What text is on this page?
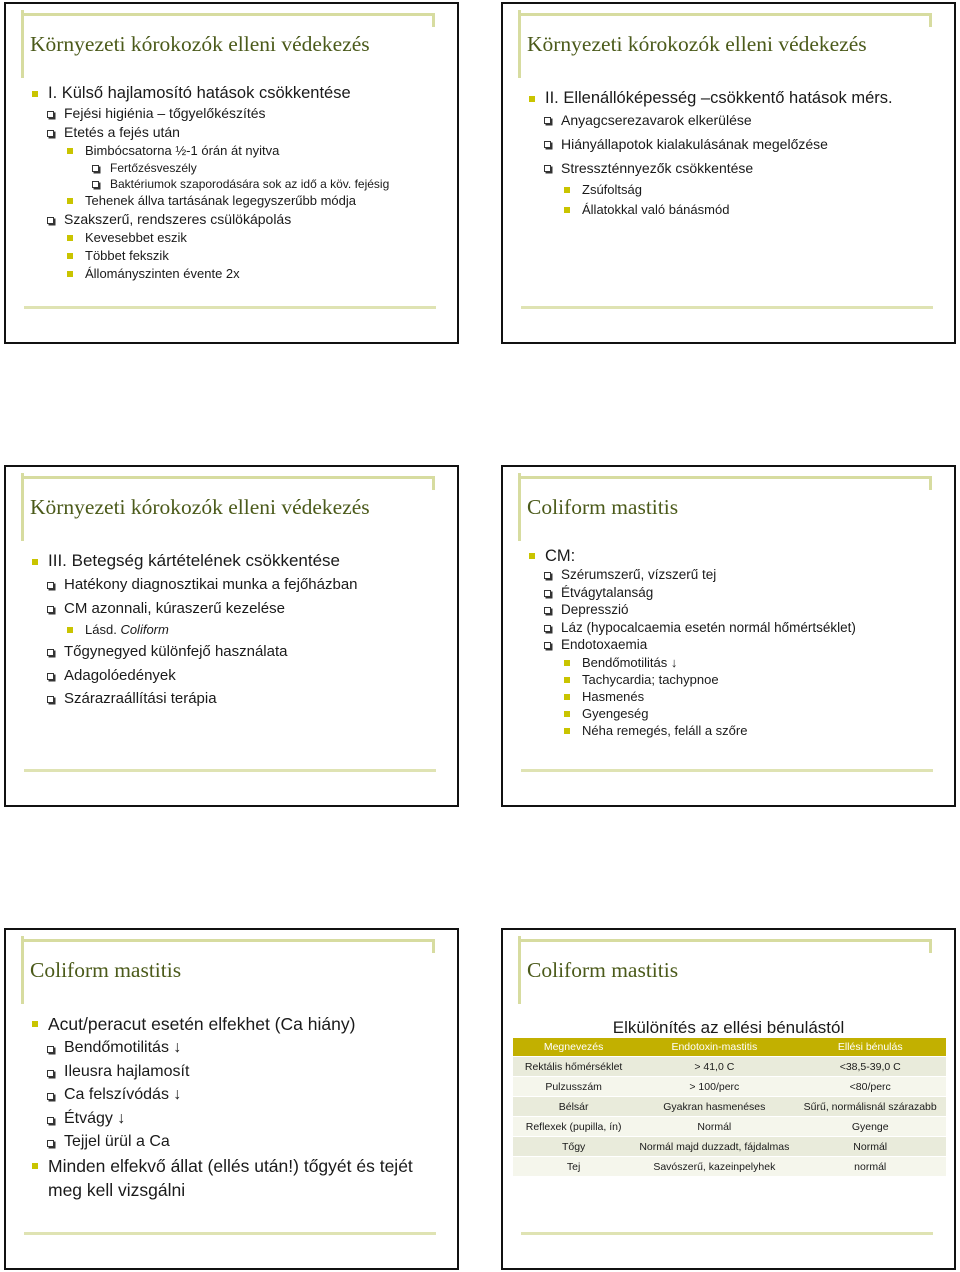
Környezeti kórokozók elleni védekezés
I. Külső hajlamosító hatások csökkentése
Fejési higiénia – tőgyelőkészítés
Etetés a fejés után
Bimbócsatorna ½-1 órán át nyitva
Fertőzésveszély
Baktériumok szaporodására sok az idő a köv. fejésig
Tehenek állva tartásának legegyszerűbb módja
Szakszerű, rendszeres csülökápolás
Kevesebbet eszik
Többet fekszik
Állományszinten évente 2x
Környezeti kórokozók elleni védekezés
II. Ellenállóképesség –csökkentő hatások mérs.
Anyagcserezavarok elkerülése
Hiányállapotok kialakulásának megelőzése
Stresszténnyezők csökkentése
Zsúfoltság
Állatokkal való bánásmód
Környezeti kórokozók elleni védekezés
III. Betegség kártételének csökkentése
Hatékony diagnosztikai munka a fejőházban
CM azonnali, kúraszerű kezelése
Lásd. Coliform
Tőgynegyed különfejő használata
Adagolóedények
Szárazraállítási terápia
Coliform mastitis
CM:
Szérumszerű, vízszerű tej
Étvágytalanság
Depresszió
Láz (hypocalcaemia esetén normál hőmértséklet)
Endotoxaemia
Bendőmotilitás ↓
Tachycardia; tachypnoe
Hasmenés
Gyengeség
Néha remegés, feláll a szőre
Coliform mastitis
Acut/peracut esetén elfekhet (Ca hiány)
Bendőmotilitás ↓
Ileusra hajlamosít
Ca felszívódás ↓
Étvágy ↓
Tejjel ürül a Ca
Minden elfekvő állat (ellés után!) tőgyét és tejét meg kell vizsgálni
Coliform mastitis
Elkülönítés az ellési bénulástól
Megnevezés	Endotoxin-mastitis	Ellési bénulás
Rektális hőmérséklet	> 41,0 C	<38,5-39,0 C
Pulzusszám	> 100/perc	<80/perc
Bélsár	Gyakran hasmenéses	Sűrű, normálisnál szárazabb
Reflexek (pupilla, ín)	Normál	Gyenge
Tőgy	Normál majd duzzadt, fájdalmas	Normál
Tej	Savószerű, kazeinpelyhek	normál
